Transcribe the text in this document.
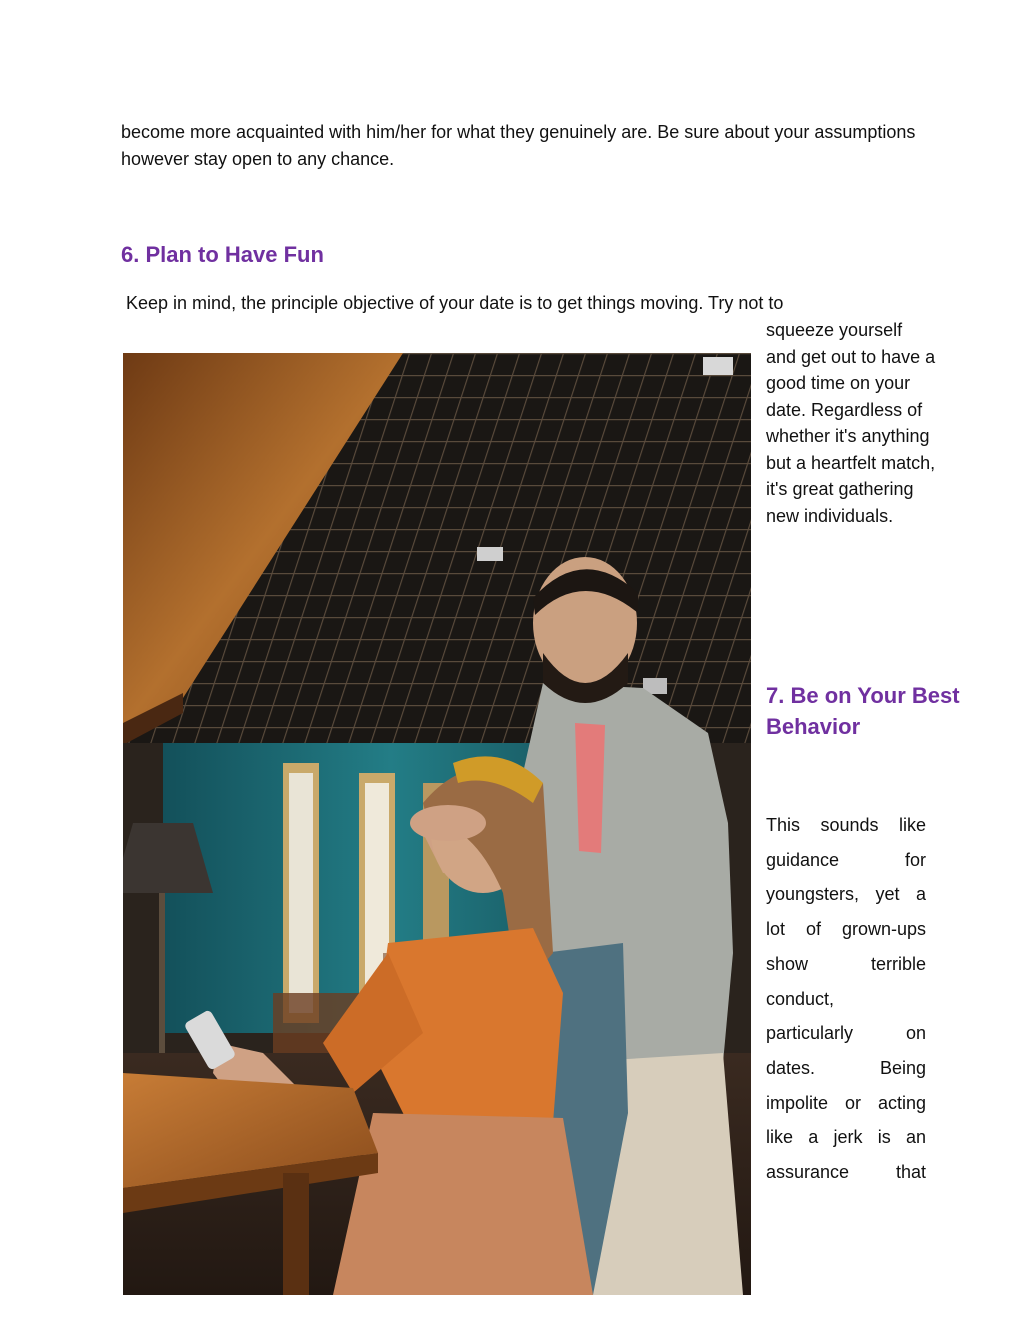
become more acquainted with him/her for what they genuinely are. Be sure about your assumptions however stay open to any chance.

6. Plan to Have Fun

Keep in mind, the principle objective of your date is to get things moving. Try not to

squeeze yourself and get out to have a good time on your date. Regardless of whether it's anything but a heartfelt match, it's great gathering new individuals.

7. Be on Your Best Behavior

This sounds like guidance for youngsters, yet a lot of grown-ups show terrible conduct, particularly on dates. Being impolite or acting like a jerk is an assurance that
